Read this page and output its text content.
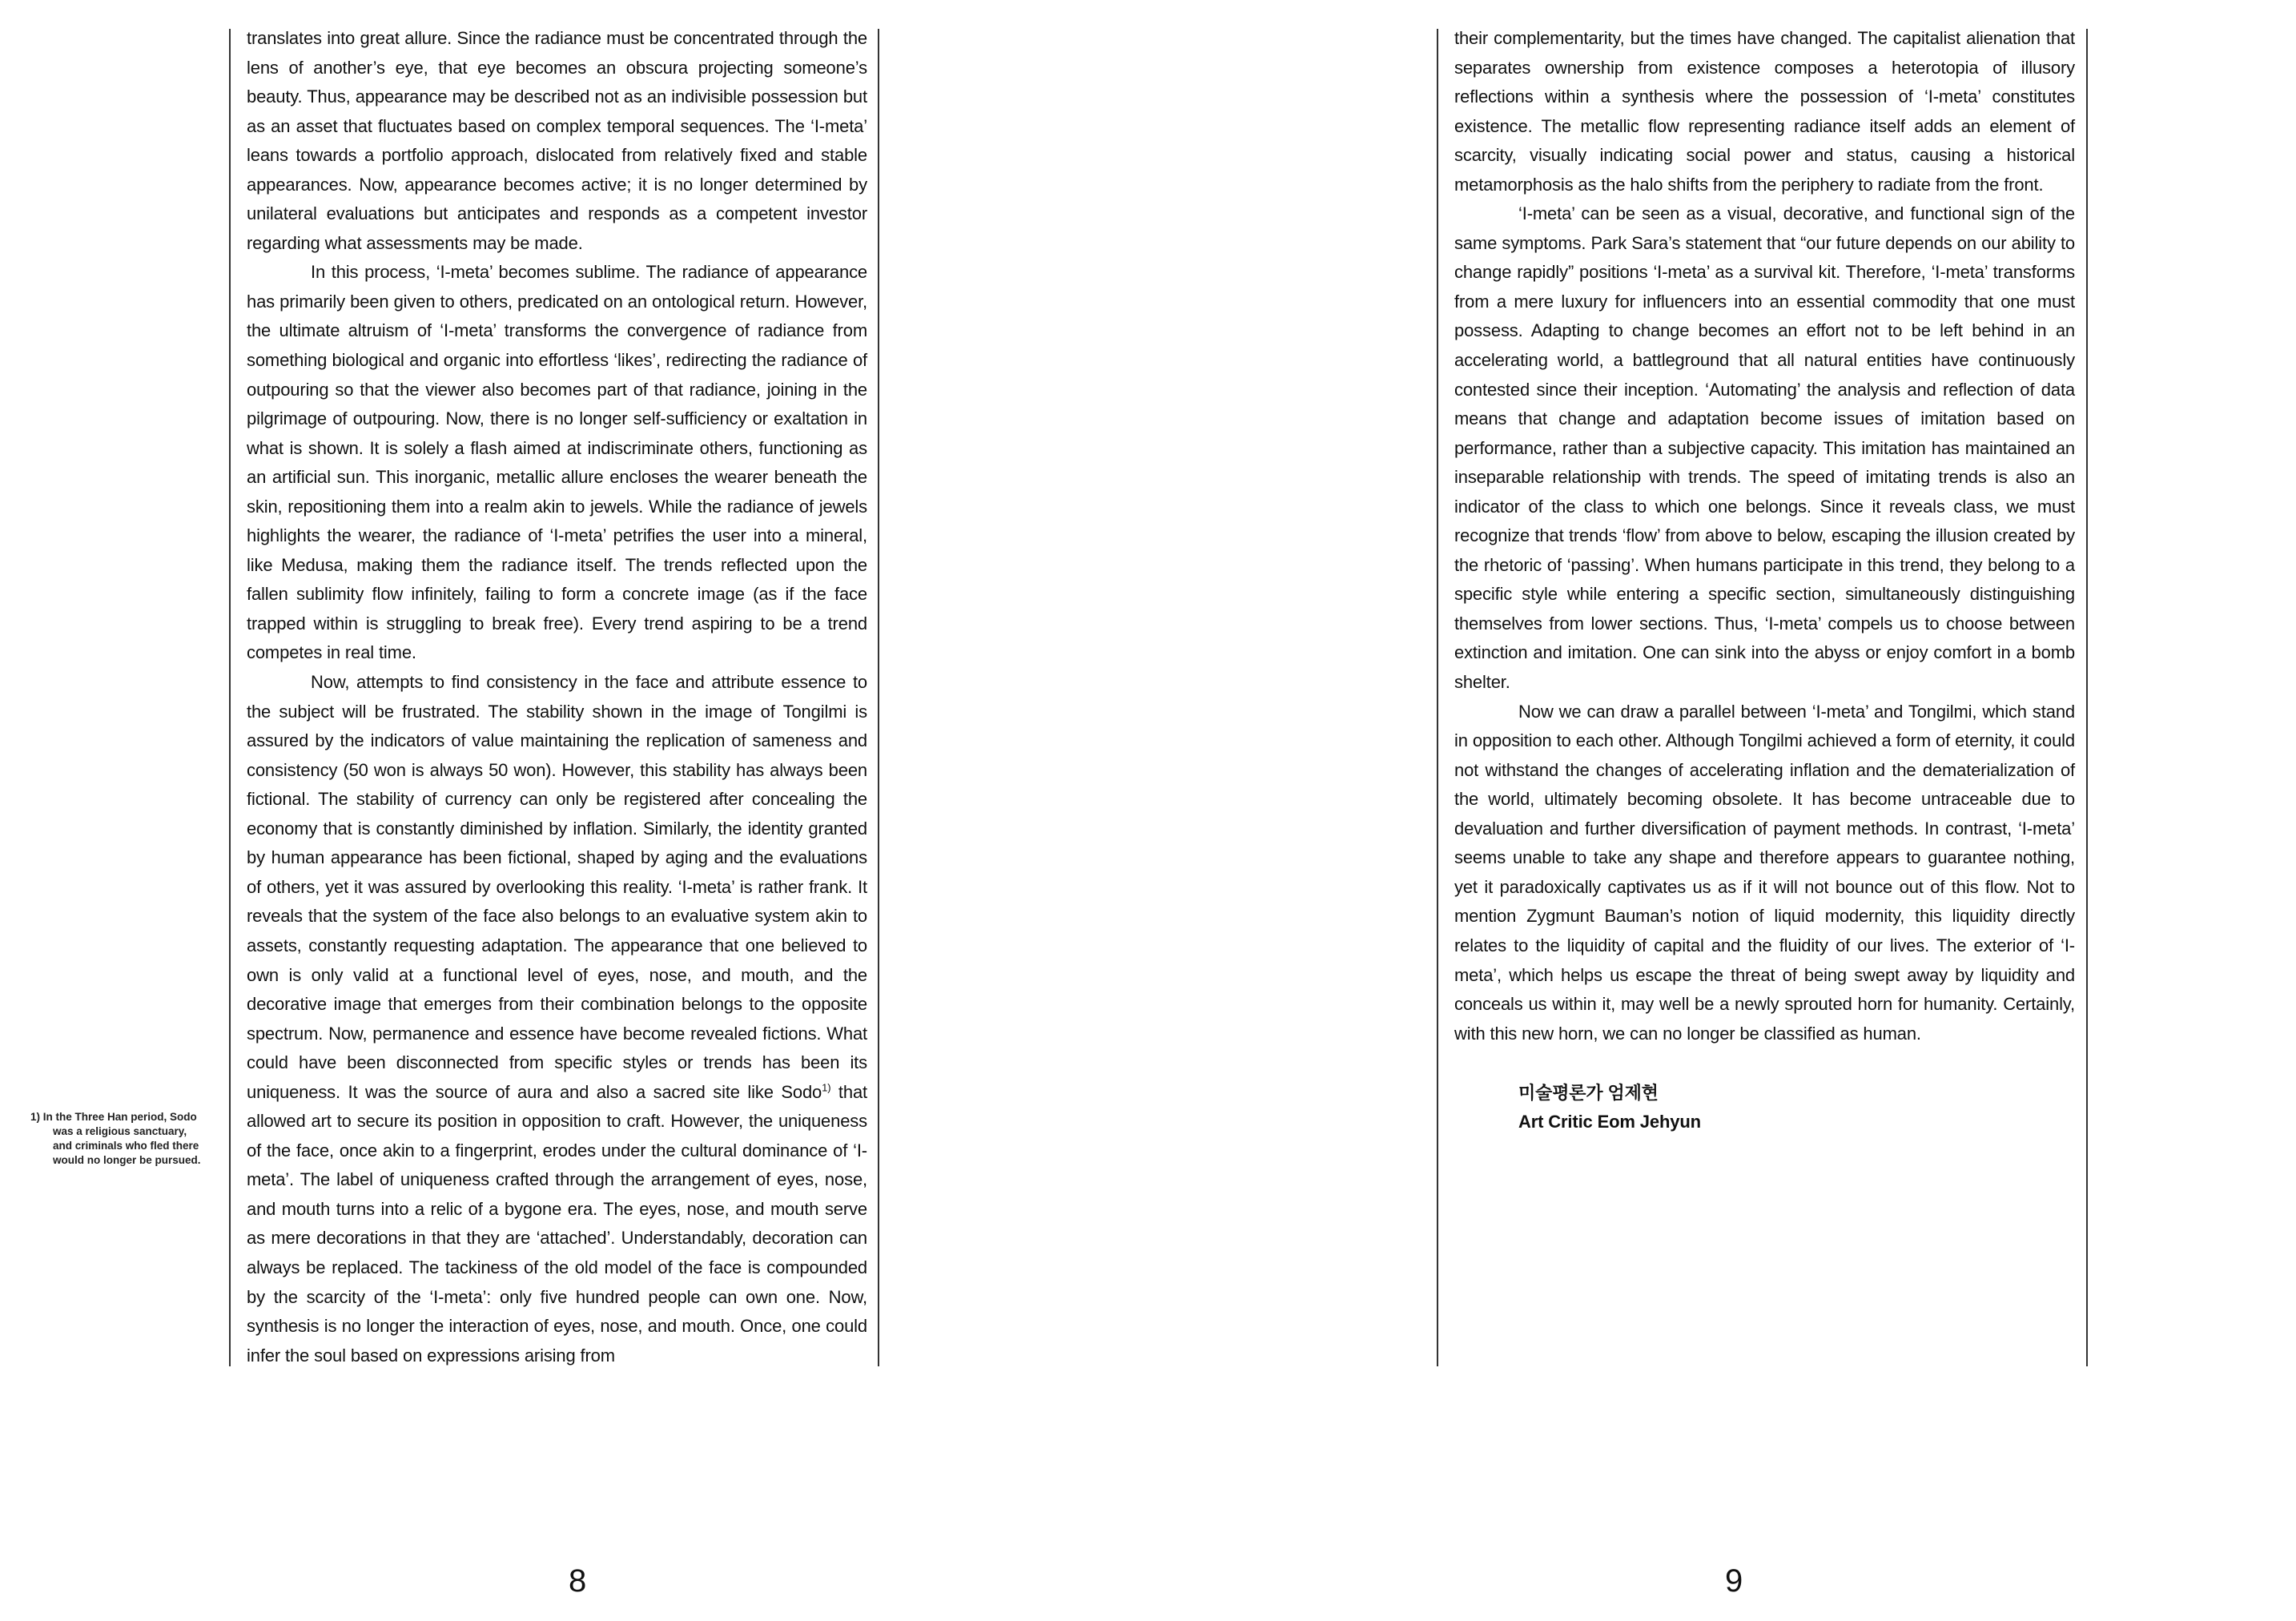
1) In the Three Han period, Sodo
was a religious sanctuary,
and criminals who fled there
would no longer be pursued.

translates into great allure. Since the radiance must be concentrated through the lens of another’s eye, that eye becomes an obscura projecting someone’s beauty. Thus, appearance may be described not as an indivisible possession but as an asset that fluctuates based on complex temporal sequences. The ‘I-meta’ leans towards a portfolio approach, dislocated from relatively fixed and stable appearances. Now, appearance becomes active; it is no longer determined by unilateral evaluations but anticipates and responds as a competent investor regarding what assessments may be made.

In this process, ‘I-meta’ becomes sublime. The radiance of appearance has primarily been given to others, predicated on an ontological return. However, the ultimate altruism of ‘I-meta’ transforms the convergence of radiance from something biological and organic into effortless ‘likes’, redirecting the radiance of outpouring so that the viewer also becomes part of that radiance, joining in the pilgrimage of outpouring. Now, there is no longer self-sufficiency or exaltation in what is shown. It is solely a flash aimed at indiscriminate others, functioning as an artificial sun. This inorganic, metallic allure encloses the wearer beneath the skin, repositioning them into a realm akin to jewels. While the radiance of jewels highlights the wearer, the radiance of ‘I-meta’ petrifies the user into a mineral, like Medusa, making them the radiance itself. The trends reflected upon the fallen sublimity flow infinitely, failing to form a concrete image (as if the face trapped within is struggling to break free). Every trend aspiring to be a trend competes in real time.

Now, attempts to find consistency in the face and attribute essence to the subject will be frustrated. The stability shown in the image of Tongilmi is assured by the indicators of value maintaining the replication of sameness and consistency (50 won is always 50 won). However, this stability has always been fictional. The stability of currency can only be registered after concealing the economy that is constantly diminished by inflation. Similarly, the identity granted by human appearance has been fictional, shaped by aging and the evaluations of others, yet it was assured by overlooking this reality. ‘I-meta’ is rather frank. It reveals that the system of the face also belongs to an evaluative system akin to assets, constantly requesting adaptation. The appearance that one believed to own is only valid at a functional level of eyes, nose, and mouth, and the decorative image that emerges from their combination belongs to the opposite spectrum. Now, permanence and essence have become revealed fictions. What could have been disconnected from specific styles or trends has been its uniqueness. It was the source of aura and also a sacred site like Sodo$^{1)}$ that allowed art to secure its position in opposition to craft. However, the uniqueness of the face, once akin to a fingerprint, erodes under the cultural dominance of ‘I-meta’. The label of uniqueness crafted through the arrangement of eyes, nose, and mouth turns into a relic of a bygone era. The eyes, nose, and mouth serve as mere decorations in that they are ‘attached’. Understandably, decoration can always be replaced. The tackiness of the old model of the face is compounded by the scarcity of the ‘I-meta’: only five hundred people can own one. Now, synthesis is no longer the interaction of eyes, nose, and mouth. Once, one could infer the soul based on expressions arising from

8

their complementarity, but the times have changed. The capitalist alienation that separates ownership from existence composes a heterotopia of illusory reflections within a synthesis where the possession of ‘I-meta’ constitutes existence. The metallic flow representing radiance itself adds an element of scarcity, visually indicating social power and status, causing a historical metamorphosis as the halo shifts from the periphery to radiate from the front.

‘I-meta’ can be seen as a visual, decorative, and functional sign of the same symptoms. Park Sara’s statement that “our future depends on our ability to change rapidly” positions ‘I-meta’ as a survival kit. Therefore, ‘I-meta’ transforms from a mere luxury for influencers into an essential commodity that one must possess. Adapting to change becomes an effort not to be left behind in an accelerating world, a battleground that all natural entities have continuously contested since their inception. ‘Automating’ the analysis and reflection of data means that change and adaptation become issues of imitation based on performance, rather than a subjective capacity. This imitation has maintained an inseparable relationship with trends. The speed of imitating trends is also an indicator of the class to which one belongs. Since it reveals class, we must recognize that trends ‘flow’ from above to below, escaping the illusion created by the rhetoric of ‘passing’. When humans participate in this trend, they belong to a specific style while entering a specific section, simultaneously distinguishing themselves from lower sections. Thus, ‘I-meta’ compels us to choose between extinction and imitation. One can sink into the abyss or enjoy comfort in a bomb shelter.

Now we can draw a parallel between ‘I-meta’ and Tongilmi, which stand in opposition to each other. Although Tongilmi achieved a form of eternity, it could not withstand the changes of accelerating inflation and the dematerialization of the world, ultimately becoming obsolete. It has become untraceable due to devaluation and further diversification of payment methods. In contrast, ‘I-meta’ seems unable to take any shape and therefore appears to guarantee nothing, yet it paradoxically captivates us as if it will not bounce out of this flow. Not to mention Zygmunt Bauman’s notion of liquid modernity, this liquidity directly relates to the liquidity of capital and the fluidity of our lives. The exterior of ‘I-meta’, which helps us escape the threat of being swept away by liquidity and conceals us within it, may well be a newly sprouted horn for humanity. Certainly, with this new horn, we can no longer be classified as human.

미술평론가 엄제현
Art Critic Eom Jehyun
9
